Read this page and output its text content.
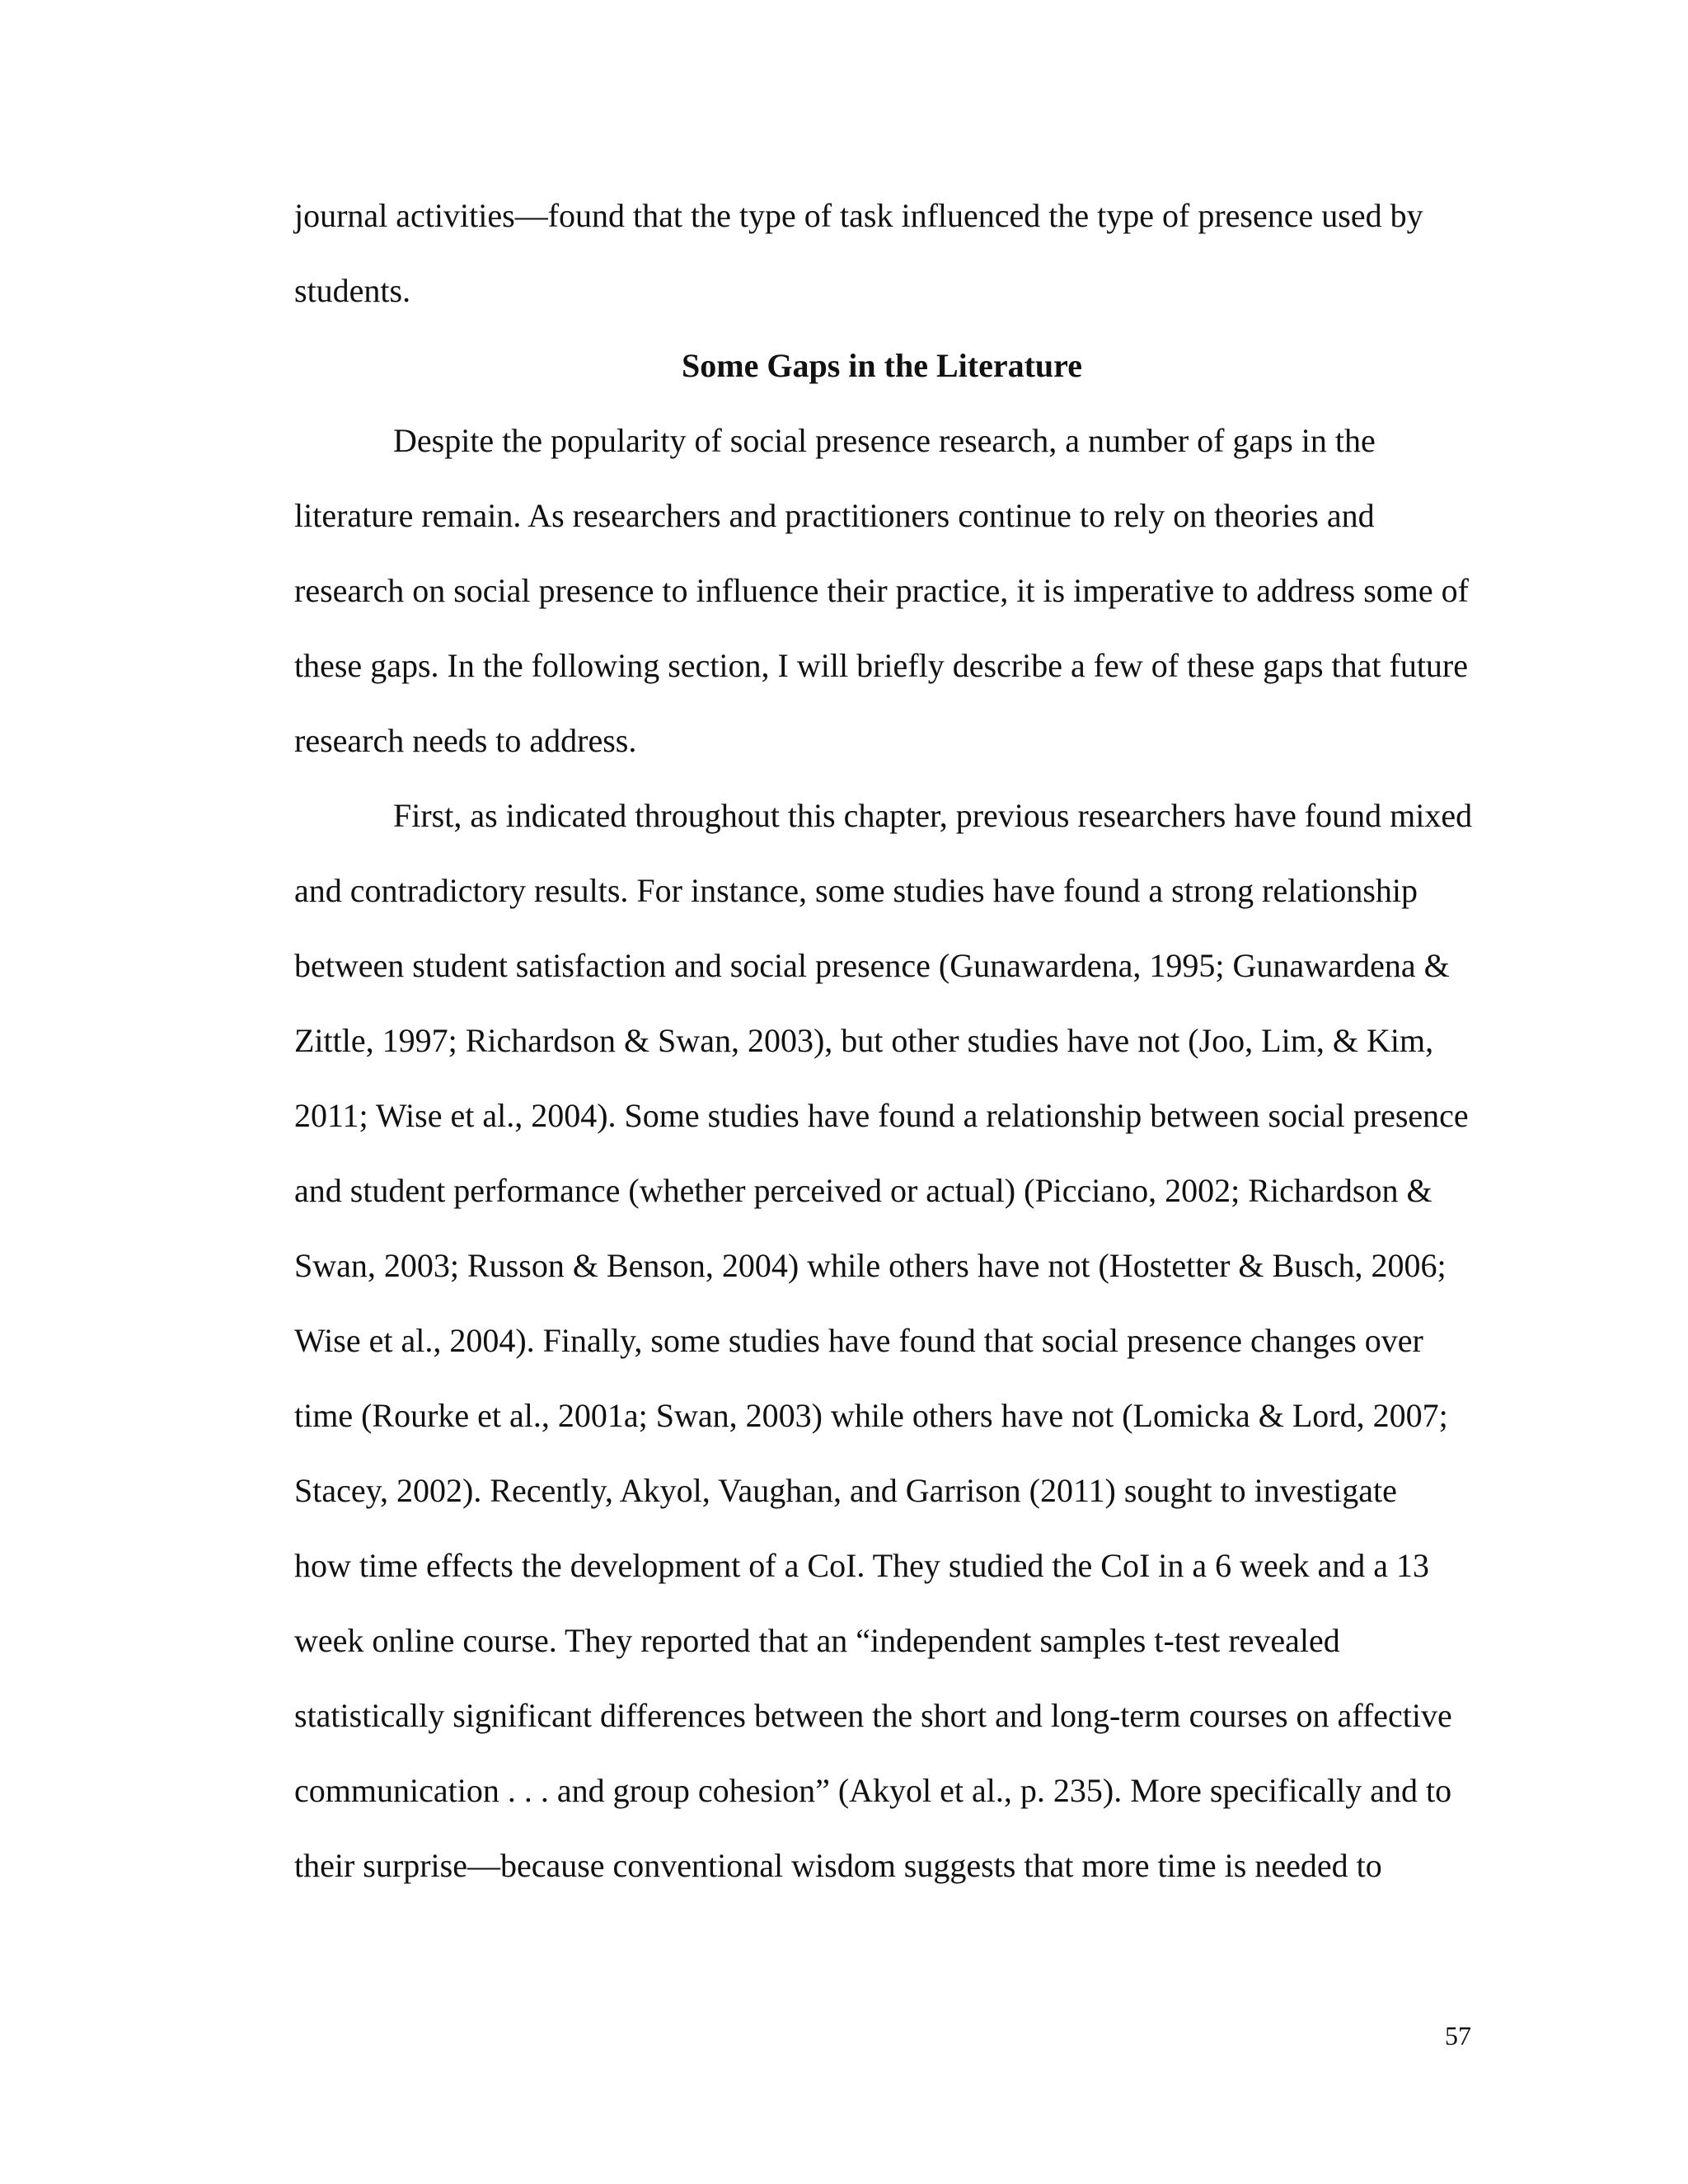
journal activities—found that the type of task influenced the type of presence used by
students.
Some Gaps in the Literature
Despite the popularity of social presence research, a number of gaps in the
literature remain. As researchers and practitioners continue to rely on theories and
research on social presence to influence their practice, it is imperative to address some of
these gaps. In the following section, I will briefly describe a few of these gaps that future
research needs to address.
First, as indicated throughout this chapter, previous researchers have found mixed
and contradictory results. For instance, some studies have found a strong relationship
between student satisfaction and social presence (Gunawardena, 1995; Gunawardena &
Zittle, 1997; Richardson & Swan, 2003), but other studies have not (Joo, Lim, & Kim,
2011; Wise et al., 2004). Some studies have found a relationship between social presence
and student performance (whether perceived or actual) (Picciano, 2002; Richardson &
Swan, 2003; Russon & Benson, 2004) while others have not (Hostetter & Busch, 2006;
Wise et al., 2004). Finally, some studies have found that social presence changes over
time (Rourke et al., 2001a; Swan, 2003) while others have not (Lomicka & Lord, 2007;
Stacey, 2002). Recently, Akyol, Vaughan, and Garrison (2011) sought to investigate
how time effects the development of a CoI. They studied the CoI in a 6 week and a 13
week online course. They reported that an “independent samples t-test revealed
statistically significant differences between the short and long-term courses on affective
communication . . . and group cohesion” (Akyol et al., p. 235). More specifically and to
their surprise—because conventional wisdom suggests that more time is needed to
57
